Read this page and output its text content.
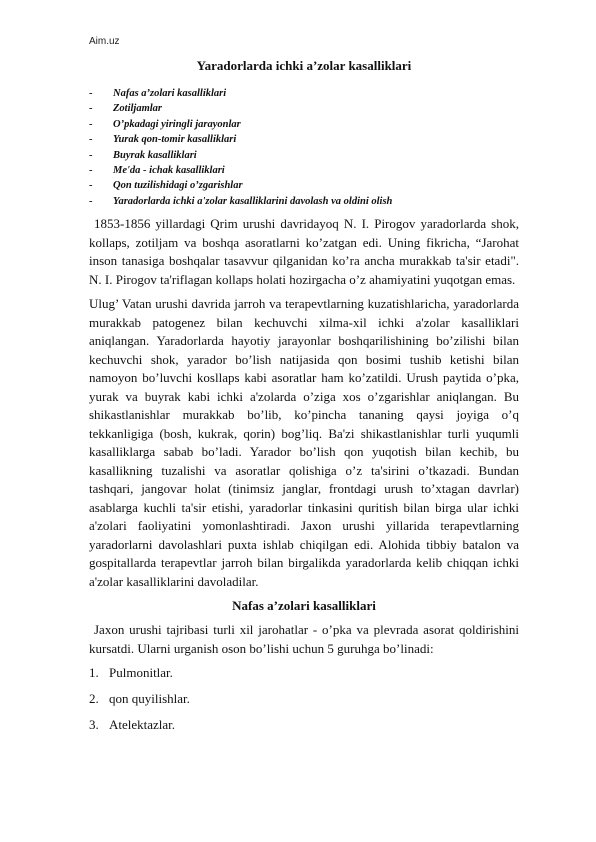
Aim.uz
Yaradorlarda ichki a’zolar kasalliklari
-	Nafas a’zolari kasalliklari
-	Zotiljamlar
-	O’pkadagi yiringli jarayonlar
-	Yurak qon-tomir kasalliklari
-	Buyrak kasalliklari
-	Me'da - ichak kasalliklari
-	Qon tuzilishidagi o’zgarishlar
-	Yaradorlarda ichki a'zolar kasalliklarini davolash va oldini olish

1853-1856 yillardagi Qrim urushi davridayoq N. I. Pirogov yaradorlarda shok, kollaps, zotiljam va boshqa asoratlarni ko’zatgan edi. Uning fikricha, “Jarohat inson tanasiga boshqalar tasavvur qilganidan ko’ra ancha murakkab ta'sir etadi". N. I. Pirogov ta'riflagan kollaps holati hozirgacha o’z ahamiyatini yuqotgan emas.

Ulug’ Vatan urushi davrida jarroh va terapevtlarning kuzatishlaricha, yaradorlarda murakkab patogenez bilan kechuvchi xilma-xil ichki a'zolar kasalliklari aniqlangan. Yaradorlarda hayotiy jarayonlar boshqarilishining bo’zilishi bilan kechuvchi shok, yarador bo’lish natijasida qon bosimi tushib ketishi bilan namoyon bo’luvchi kosllaps kabi asoratlar ham ko’zatildi. Urush paytida o’pka, yurak va buyrak kabi ichki a'zolarda o’ziga xos o’zgarishlar aniqlangan. Bu shikastlanishlar murakkab bo’lib, ko’pincha tananing qaysi joyiga o’q tekkanligiga (bosh, kukrak, qorin) bog’liq. Ba'zi shikastlanishlar turli yuqumli kasalliklarga sabab bo’ladi. Yarador bo’lish qon yuqotish bilan kechib, bu kasallikning tuzalishi va asoratlar qolishiga o’z ta'sirini o’tkazadi. Bundan tashqari, jangovar holat (tinimsiz janglar, frontdagi urush to’xtagan davrlar) asablarga kuchli ta'sir etishi, yaradorlar tinkasini quritish bilan birga ular ichki a'zolari faoliyatini yomonlashtiradi. Jaxon urushi yillarida terapevtlarning yaradorlarni davolashlari puxta ishlab chiqilgan edi. Alohida tibbiy batalon va gospitallarda terapevtlar jarroh bilan birgalikda yaradorlarda kelib chiqqan ichki a'zolar kasalliklarini davoladilar.

Nafas a’zolari kasalliklari

Jaxon urushi tajribasi turli xil jarohatlar - o’pka va plevrada asorat qoldirishini kursatdi. Ularni urganish oson bo’lishi uchun 5 guruhga bo’linadi:

1. Pulmonitlar.
2. qon quyilishlar.
3. Atelektazlar.
